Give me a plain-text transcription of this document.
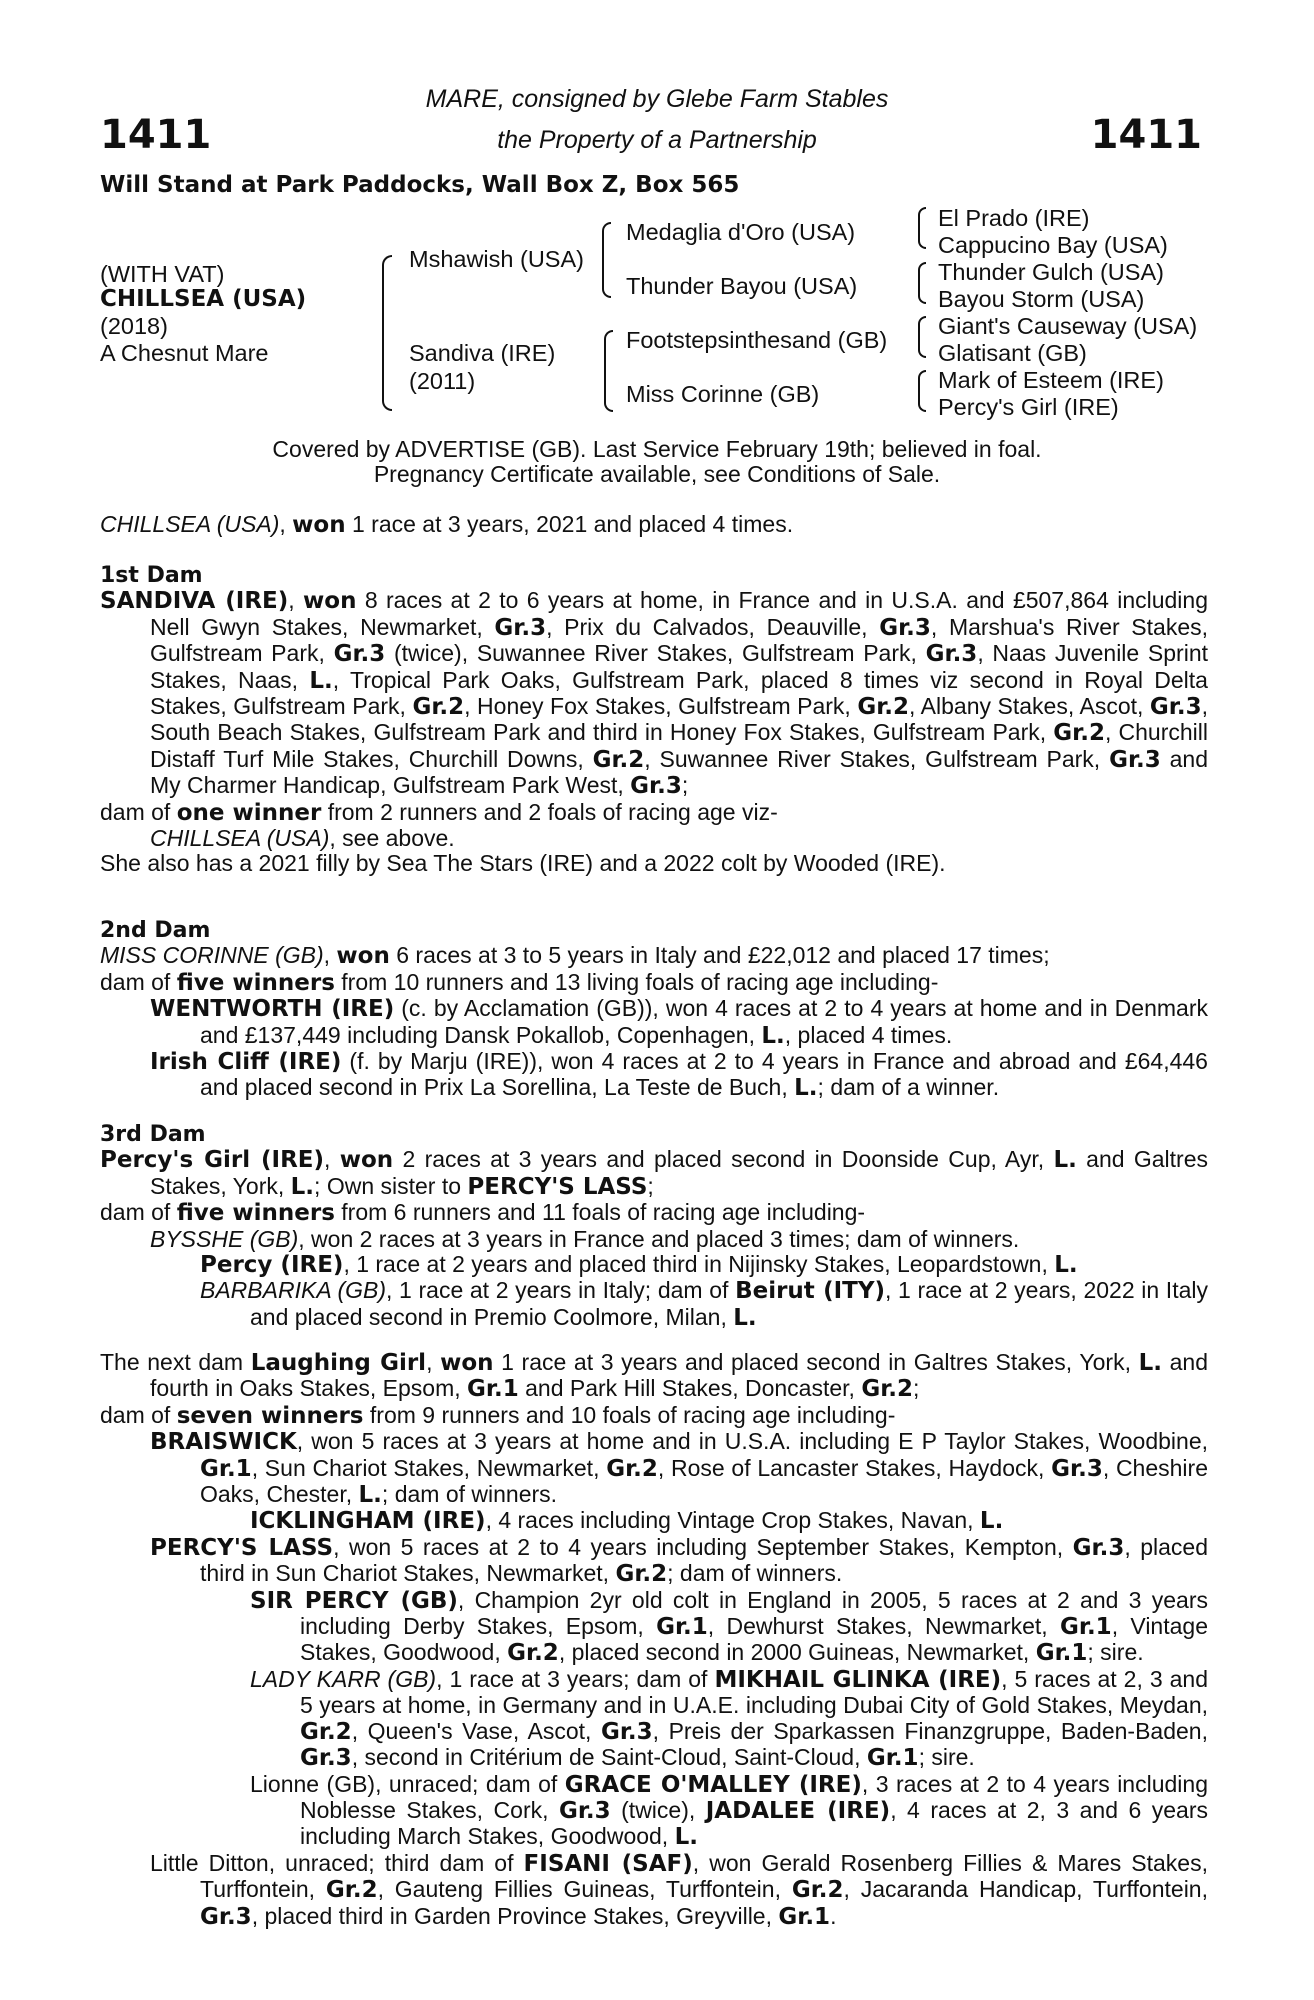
1411	1411
MARE, consigned by Glebe Farm Stables
the Property of a Partnership
Will Stand at Park Paddocks, Wall Box Z, Box 565
(WITH VAT)
CHILLSEA (USA)
(2018)
A Chesnut Mare
Mshawish (USA)
Sandiva (IRE)
(2011)
Medaglia d'Oro (USA)
Thunder Bayou (USA)
Footstepsinthesand (GB)
Miss Corinne (GB)
El Prado (IRE)
Cappucino Bay (USA)
Thunder Gulch (USA)
Bayou Storm (USA)
Giant's Causeway (USA)
Glatisant (GB)
Mark of Esteem (IRE)
Percy's Girl (IRE)
Covered by ADVERTISE (GB). Last Service February 19th; believed in foal.
Pregnancy Certificate available, see Conditions of Sale.

CHILLSEA (USA), won 1 race at 3 years, 2021 and placed 4 times.

1st Dam

SANDIVA (IRE), won 8 races at 2 to 6 years at home, in France and in U.S.A. and £507,864 including Nell Gwyn Stakes, Newmarket, Gr.3, Prix du Calvados, Deauville, Gr.3, Marshua's River Stakes, Gulfstream Park, Gr.3 (twice), Suwannee River Stakes, Gulfstream Park, Gr.3, Naas Juvenile Sprint Stakes, Naas, L., Tropical Park Oaks, Gulfstream Park, placed 8 times viz second in Royal Delta Stakes, Gulfstream Park, Gr.2, Honey Fox Stakes, Gulfstream Park, Gr.2, Albany Stakes, Ascot, Gr.3, South Beach Stakes, Gulfstream Park and third in Honey Fox Stakes, Gulfstream Park, Gr.2, Churchill Distaff Turf Mile Stakes, Churchill Downs, Gr.2, Suwannee River Stakes, Gulfstream Park, Gr.3 and My Charmer Handicap, Gulfstream Park West, Gr.3;

dam of one winner from 2 runners and 2 foals of racing age viz-

CHILLSEA (USA), see above.

She also has a 2021 filly by Sea The Stars (IRE) and a 2022 colt by Wooded (IRE).

2nd Dam

MISS CORINNE (GB), won 6 races at 3 to 5 years in Italy and £22,012 and placed 17 times;

dam of five winners from 10 runners and 13 living foals of racing age including-

WENTWORTH (IRE) (c. by Acclamation (GB)), won 4 races at 2 to 4 years at home and in Denmark and £137,449 including Dansk Pokallob, Copenhagen, L., placed 4 times.

Irish Cliff (IRE) (f. by Marju (IRE)), won 4 races at 2 to 4 years in France and abroad and £64,446 and placed second in Prix La Sorellina, La Teste de Buch, L.; dam of a winner.

3rd Dam

Percy's Girl (IRE), won 2 races at 3 years and placed second in Doonside Cup, Ayr, L. and Galtres Stakes, York, L.; Own sister to PERCY'S LASS;

dam of five winners from 6 runners and 11 foals of racing age including-

BYSSHE (GB), won 2 races at 3 years in France and placed 3 times; dam of winners.

Percy (IRE), 1 race at 2 years and placed third in Nijinsky Stakes, Leopardstown, L.

BARBARIKA (GB), 1 race at 2 years in Italy; dam of Beirut (ITY), 1 race at 2 years, 2022 in Italy and placed second in Premio Coolmore, Milan, L.

The next dam Laughing Girl, won 1 race at 3 years and placed second in Galtres Stakes, York, L. and fourth in Oaks Stakes, Epsom, Gr.1 and Park Hill Stakes, Doncaster, Gr.2;

dam of seven winners from 9 runners and 10 foals of racing age including-

BRAISWICK, won 5 races at 3 years at home and in U.S.A. including E P Taylor Stakes, Woodbine, Gr.1, Sun Chariot Stakes, Newmarket, Gr.2, Rose of Lancaster Stakes, Haydock, Gr.3, Cheshire Oaks, Chester, L.; dam of winners.

ICKLINGHAM (IRE), 4 races including Vintage Crop Stakes, Navan, L.

PERCY'S LASS, won 5 races at 2 to 4 years including September Stakes, Kempton, Gr.3, placed third in Sun Chariot Stakes, Newmarket, Gr.2; dam of winners.

SIR PERCY (GB), Champion 2yr old colt in England in 2005, 5 races at 2 and 3 years including Derby Stakes, Epsom, Gr.1, Dewhurst Stakes, Newmarket, Gr.1, Vintage Stakes, Goodwood, Gr.2, placed second in 2000 Guineas, Newmarket, Gr.1; sire.

LADY KARR (GB), 1 race at 3 years; dam of MIKHAIL GLINKA (IRE), 5 races at 2, 3 and 5 years at home, in Germany and in U.A.E. including Dubai City of Gold Stakes, Meydan, Gr.2, Queen's Vase, Ascot, Gr.3, Preis der Sparkassen Finanzgruppe, Baden-Baden, Gr.3, second in Critérium de Saint-Cloud, Saint-Cloud, Gr.1; sire.

Lionne (GB), unraced; dam of GRACE O'MALLEY (IRE), 3 races at 2 to 4 years including Noblesse Stakes, Cork, Gr.3 (twice), JADALEE (IRE), 4 races at 2, 3 and 6 years including March Stakes, Goodwood, L.

Little Ditton, unraced; third dam of FISANI (SAF), won Gerald Rosenberg Fillies & Mares Stakes, Turffontein, Gr.2, Gauteng Fillies Guineas, Turffontein, Gr.2, Jacaranda Handicap, Turffontein, Gr.3, placed third in Garden Province Stakes, Greyville, Gr.1.
